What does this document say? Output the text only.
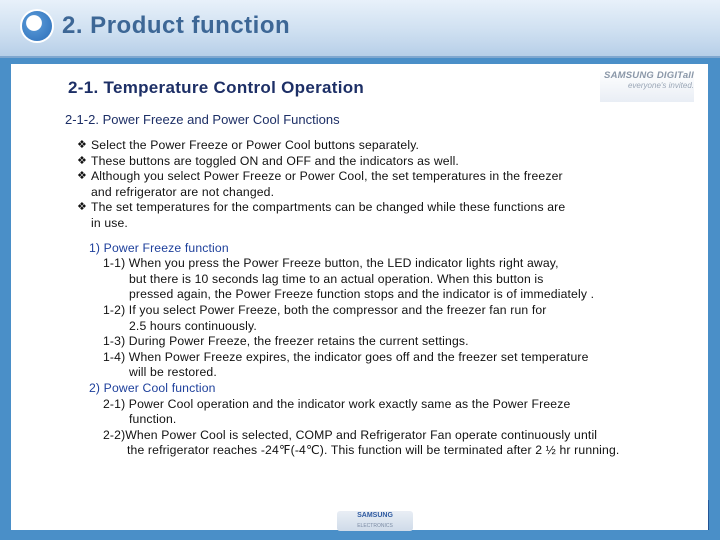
2. Product function
SAMSUNG DIGITall
everyone's invited.
2-1. Temperature Control Operation
2-1-2. Power Freeze and Power Cool Functions
❖ Select the Power Freeze or Power Cool buttons separately.
❖ These buttons are toggled ON and OFF and the indicators as well.
❖ Although you select Power Freeze or Power Cool, the set temperatures in the freezer
and refrigerator are not changed.
❖ The set temperatures for the compartments can be changed while these functions are
in use.
1) Power Freeze function
1-1) When you press the Power Freeze button, the LED indicator lights right away,
but there is 10 seconds lag time to an actual operation. When this button is
pressed again, the Power Freeze function stops and the indicator is of immediately .
1-2) If you select Power Freeze, both the compressor and the freezer fan run for
2.5 hours continuously.
1-3) During Power Freeze, the freezer retains the current settings.
1-4) When Power Freeze expires, the indicator goes off and the freezer set temperature
will be restored.
2) Power Cool function
2-1) Power Cool operation and the indicator work exactly same as the Power Freeze
function.
2-2)When Power Cool is selected, COMP and Refrigerator Fan operate continuously until
the refrigerator reaches -24℉(-4℃). This function will be terminated after 2 ½ hr running.
SAMSUNG
ELECTRONICS
21
